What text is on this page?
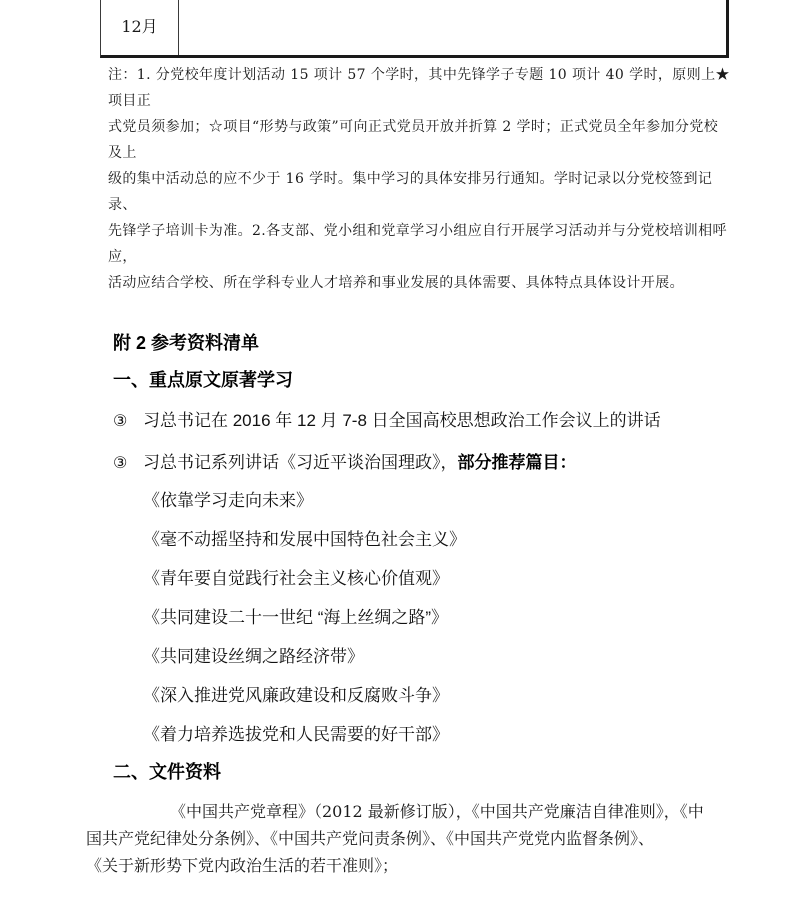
12月
注：1. 分党校年度计划活动 15 项计 57 个学时，其中先锋学子专题 10 项计 40 学时，原则上★项目正
式党员须参加；☆项目“形势与政策”可向正式党员开放并折算 2 学时；正式党员全年参加分党校及上
级的集中活动总的应不少于 16 学时。集中学习的具体安排另行通知。学时记录以分党校签到记录、
先锋学子培训卡为准。2.各支部、党小组和党章学习小组应自行开展学习活动并与分党校培训相呼应，
活动应结合学校、所在学科专业人才培养和事业发展的具体需要、具体特点具体设计开展。
附 2 参考资料清单
一、重点原文原著学习
③ 习总书记在 2016 年 12 月 7-8 日全国高校思想政治工作会议上的讲话
③ 习总书记系列讲话《习近平谈治国理政》，部分推荐篇目：
《依靠学习走向未来》
《毫不动摇坚持和发展中国特色社会主义》
《青年要自觉践行社会主义核心价值观》
《共同建设二十一世纪 “海上丝绸之路”》
《共同建设丝绸之路经济带》
《深入推进党风廉政建设和反腐败斗争》
《着力培养选拔党和人民需要的好干部》
二、文件资料
《中国共产党章程》（2012 最新修订版），《中国共产党廉洁自律准则》，《中
国共产党纪律处分条例》、《中国共产党问责条例》、《中国共产党党内监督条例》、
《关于新形势下党内政治生活的若干准则》；
